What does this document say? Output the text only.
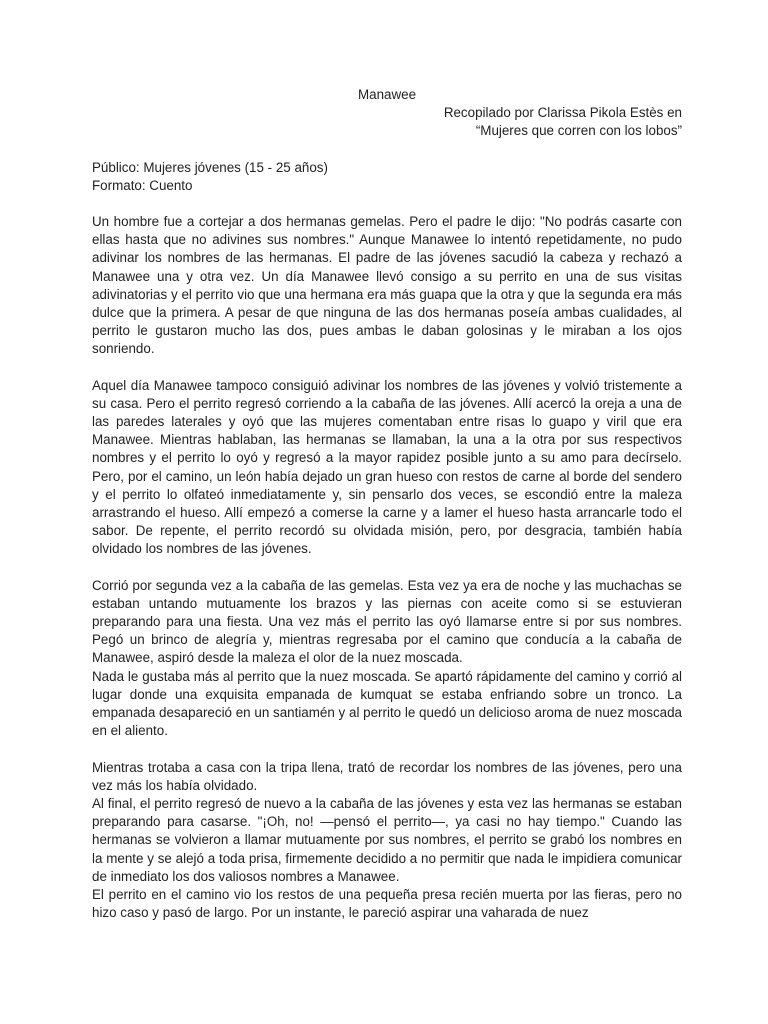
Manawee

Recopilado por Clarissa Pikola Estès en

“Mujeres que corren con los lobos”

Público: Mujeres jóvenes (15 - 25 años)

Formato: Cuento

Un hombre fue a cortejar a dos hermanas gemelas. Pero el padre le dijo: "No podrás casarte con ellas hasta que no adivines sus nombres." Aunque Manawee lo intentó repetidamente, no pudo adivinar los nombres de las hermanas. El padre de las jóvenes sacudió la cabeza y rechazó a Manawee una y otra vez. Un día Manawee llevó consigo a su perrito en una de sus visitas adivinatorias y el perrito vio que una hermana era más guapa que la otra y que la segunda era más dulce que la primera. A pesar de que ninguna de las dos hermanas poseía ambas cualidades, al perrito le gustaron mucho las dos, pues ambas le daban golosinas y le miraban a los ojos sonriendo.

Aquel día Manawee tampoco consiguió adivinar los nombres de las jóvenes y volvió tristemente a su casa. Pero el perrito regresó corriendo a la cabaña de las jóvenes. Allí acercó la oreja a una de las paredes laterales y oyó que las mujeres comentaban entre risas lo guapo y viril que era Manawee. Mientras hablaban, las hermanas se llamaban, la una a la otra por sus respectivos nombres y el perrito lo oyó y regresó a la mayor rapidez posible junto a su amo para decírselo. Pero, por el camino, un león había dejado un gran hueso con restos de carne al borde del sendero y el perrito lo olfateó inmediatamente y, sin pensarlo dos veces, se escondió entre la maleza arrastrando el hueso. Allí empezó a comerse la carne y a lamer el hueso hasta arrancarle todo el sabor. De repente, el perrito recordó su olvidada misión, pero, por desgracia, también había olvidado los nombres de las jóvenes.

Corrió por segunda vez a la cabaña de las gemelas. Esta vez ya era de noche y las muchachas se estaban untando mutuamente los brazos y las piernas con aceite como si se estuvieran preparando para una fiesta. Una vez más el perrito las oyó llamarse entre si por sus nombres. Pegó un brinco de alegría y, mientras regresaba por el camino que conducía a la cabaña de Manawee, aspiró desde la maleza el olor de la nuez moscada.

Nada le gustaba más al perrito que la nuez moscada. Se apartó rápidamente del camino y corrió al lugar donde una exquisita empanada de kumquat se estaba enfriando sobre un tronco. La empanada desapareció en un santiamén y al perrito le quedó un delicioso aroma de nuez moscada en el aliento.

Mientras trotaba a casa con la tripa llena, trató de recordar los nombres de las jóvenes, pero una vez más los había olvidado.

Al final, el perrito regresó de nuevo a la cabaña de las jóvenes y esta vez las hermanas se estaban preparando para casarse. "¡Oh, no! —pensó el perrito—, ya casi no hay tiempo." Cuando las hermanas se volvieron a llamar mutuamente por sus nombres, el perrito se grabó los nombres en la mente y se alejó a toda prisa, firmemente decidido a no permitir que nada le impidiera comunicar de inmediato los dos valiosos nombres a Manawee.

El perrito en el camino vio los restos de una pequeña presa recién muerta por las fieras, pero no hizo caso y pasó de largo. Por un instante, le pareció aspirar una vaharada de nuez
